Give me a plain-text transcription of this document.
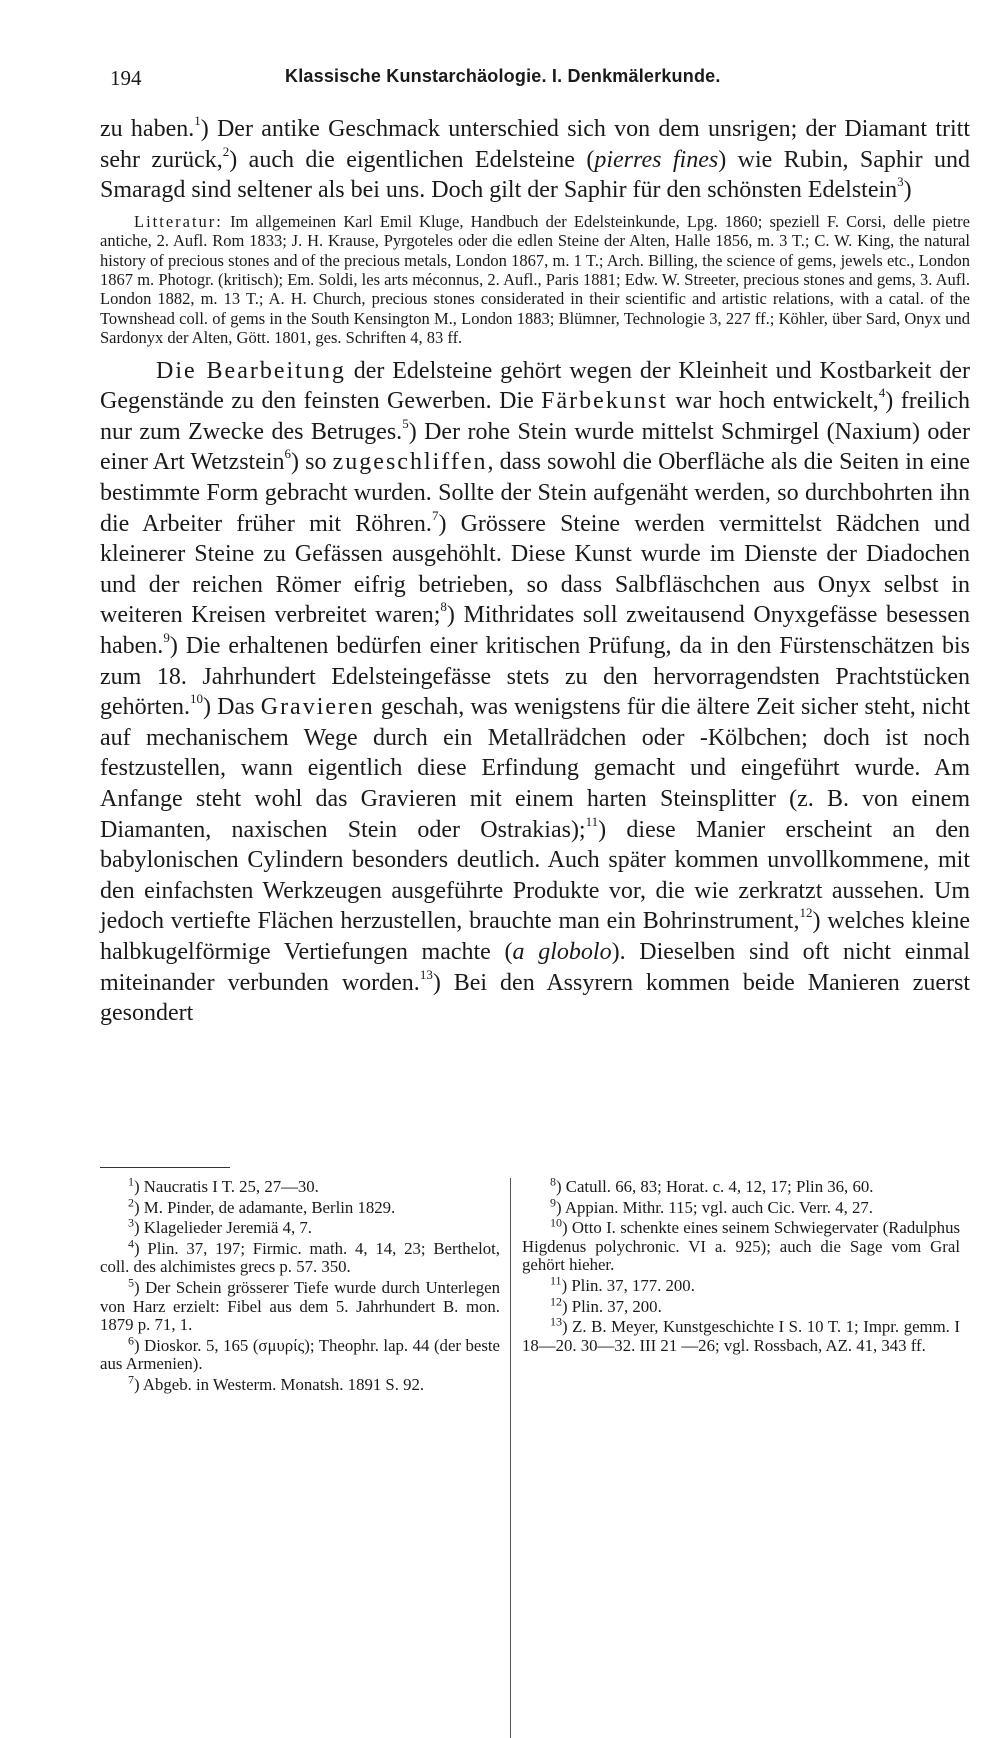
194	Klassische Kunstarchäologie. I. Denkmälerkunde.

zu haben.$^1$) Der antike Geschmack unterschied sich von dem unsrigen; der Diamant tritt sehr zurück,$^2$) auch die eigentlichen Edelsteine (pierres fines) wie Rubin, Saphir und Smaragd sind seltener als bei uns. Doch gilt der Saphir für den schönsten Edelstein$^3$)

Litteratur: Im allgemeinen Karl Emil Kluge, Handbuch der Edelsteinkunde, Lpg. 1860; speziell F. Corsi, delle pietre antiche, 2. Aufl. Rom 1833; J. H. Krause, Pyrgoteles oder die edlen Steine der Alten, Halle 1856, m. 3 T.; C. W. King, the natural history of precious stones and of the precious metals, London 1867, m. 1 T.; Arch. Billing, the science of gems, jewels etc., London 1867 m. Photogr. (kritisch); Em. Soldi, les arts méconnus, 2. Aufl., Paris 1881; Edw. W. Streeter, precious stones and gems, 3. Aufl. London 1882, m. 13 T.; A. H. Church, precious stones considerated in their scientific and artistic relations, with a catal. of the Townshead coll. of gems in the South Kensington M., London 1883; Blümner, Technologie 3, 227 ff.; Köhler, über Sard, Onyx und Sardonyx der Alten, Gött. 1801, ges. Schriften 4, 83 ff.

Die Bearbeitung der Edelsteine gehört wegen der Kleinheit und Kostbarkeit der Gegenstände zu den feinsten Gewerben. Die Färbekunst war hoch entwickelt,$^4$) freilich nur zum Zwecke des Betruges.$^5$) Der rohe Stein wurde mittelst Schmirgel (Naxium) oder einer Art Wetzstein$^6$) so zugeschliffen, dass sowohl die Oberfläche als die Seiten in eine bestimmte Form gebracht wurden. Sollte der Stein aufgenäht werden, so durchbohrten ihn die Arbeiter früher mit Röhren.$^7$) Grössere Steine werden vermittelst Rädchen und kleinerer Steine zu Gefässen ausgehöhlt. Diese Kunst wurde im Dienste der Diadochen und der reichen Römer eifrig betrieben, so dass Salbfläschchen aus Onyx selbst in weiteren Kreisen verbreitet waren;$^8$) Mithridates soll zweitausend Onyxgefässe besessen haben.$^9$) Die erhaltenen bedürfen einer kritischen Prüfung, da in den Fürstenschätzen bis zum 18. Jahrhundert Edelsteingefässe stets zu den hervorragendsten Prachtstücken gehörten.$^{10}$) Das Gravieren geschah, was wenigstens für die ältere Zeit sicher steht, nicht auf mechanischem Wege durch ein Metallrädchen oder -Kölbchen; doch ist noch festzustellen, wann eigentlich diese Erfindung gemacht und eingeführt wurde. Am Anfange steht wohl das Gravieren mit einem harten Steinsplitter (z. B. von einem Diamanten, naxischen Stein oder Ostrakias);$^{11}$) diese Manier erscheint an den babylonischen Cylindern besonders deutlich. Auch später kommen unvollkommene, mit den einfachsten Werkzeugen ausgeführte Produkte vor, die wie zerkratzt aussehen. Um jedoch vertiefte Flächen herzustellen, brauchte man ein Bohrinstrument,$^{12}$) welches kleine halbkugelförmige Vertiefungen machte (a globolo). Dieselben sind oft nicht einmal miteinander verbunden worden.$^{13}$) Bei den Assyrern kommen beide Manieren zuerst gesondert

$^1$) Naucratis I T. 25, 27—30.

$^2$) M. Pinder, de adamante, Berlin 1829.

$^3$) Klagelieder Jeremiä 4, 7.

$^4$) Plin. 37, 197; Firmic. math. 4, 14, 23; Berthelot, coll. des alchimistes grecs p. 57. 350.

$^5$) Der Schein grösserer Tiefe wurde durch Unterlegen von Harz erzielt: Fibel aus dem 5. Jahrhundert B. mon. 1879 p. 71, 1.

$^6$) Dioskor. 5, 165 (σμυρίς); Theophr. lap. 44 (der beste aus Armenien).

$^7$) Abgeb. in Westerm. Monatsh. 1891 S. 92.

$^8$) Catull. 66, 83; Horat. c. 4, 12, 17; Plin 36, 60.

$^9$) Appian. Mithr. 115; vgl. auch Cic. Verr. 4, 27.

$^{10}$) Otto I. schenkte eines seinem Schwiegervater (Radulphus Higdenus polychronic. VI a. 925); auch die Sage vom Gral gehört hieher.

$^{11}$) Plin. 37, 177. 200.

$^{12}$) Plin. 37, 200.

$^{13}$) Z. B. Meyer, Kunstgeschichte I S. 10 T. 1; Impr. gemm. I 18—20. 30—32. III 21 —26; vgl. Rossbach, AZ. 41, 343 ff.
